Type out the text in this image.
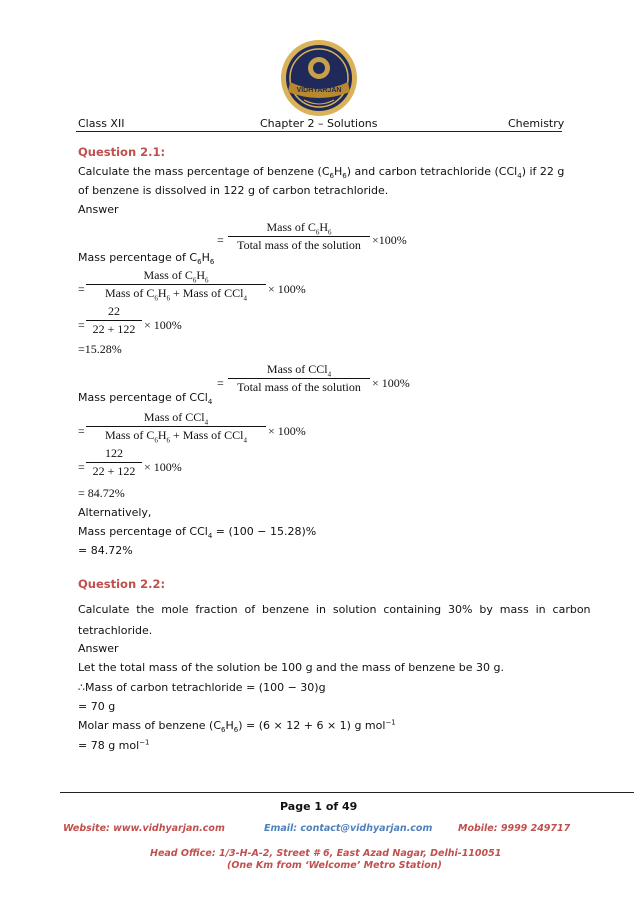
VIDHYARJAN
Class XII	Chapter 2 – Solutions	Chemistry
Question 2.1:
Calculate the mass percentage of benzene $(C_6H_6)$ and carbon tetrachloride (CCl$_4$) if 22 g
of benzene is dissolved in 122 g of carbon tetrachloride.
Answer
=
Mass of $C_6H_6$
Total mass of the solution ×100%
Mass percentage of $C_6H_6$
=
Mass of $C_6H_6$
Mass of $C_6H_6$ + Mass of CCl$_4$
× 100%
= $\frac{22}{22 + 122} \times 100\%$
=15.28%
=
Mass of CCl$_4$
Total mass of the solution × 100%
Mass percentage of CCl$_4$
=
Mass of CCl$_4$
Mass of $C_6H_6$ + Mass of CCl$_4$
× 100%
= $\frac{122}{22 + 122} \times 100\%$
= 84.72%
Alternatively,
Mass percentage of CCl$_4$ = (100 − 15.28)%
= 84.72%
Question 2.2:
Calculate the mole fraction of benzene in solution containing 30% by mass in carbon
tetrachloride.
Answer
Let the total mass of the solution be 100 g and the mass of benzene be 30 g.
∴Mass of carbon tetrachloride = (100 − 30)g
= 70 g
Molar mass of benzene $(C_6H_6) = (6 \times 12 + 6 \times 1)$ g mol$^{-1}$
= 78 g mol$^{-1}$
Page 1 of 49
Website: www.vidhyarjan.com	Email: contact@vidhyarjan.com	Mobile: 9999 249717
Head Office: 1/3-H-A-2, Street # 6, East Azad Nagar, Delhi-110051
(One Km from ‘Welcome’ Metro Station)
